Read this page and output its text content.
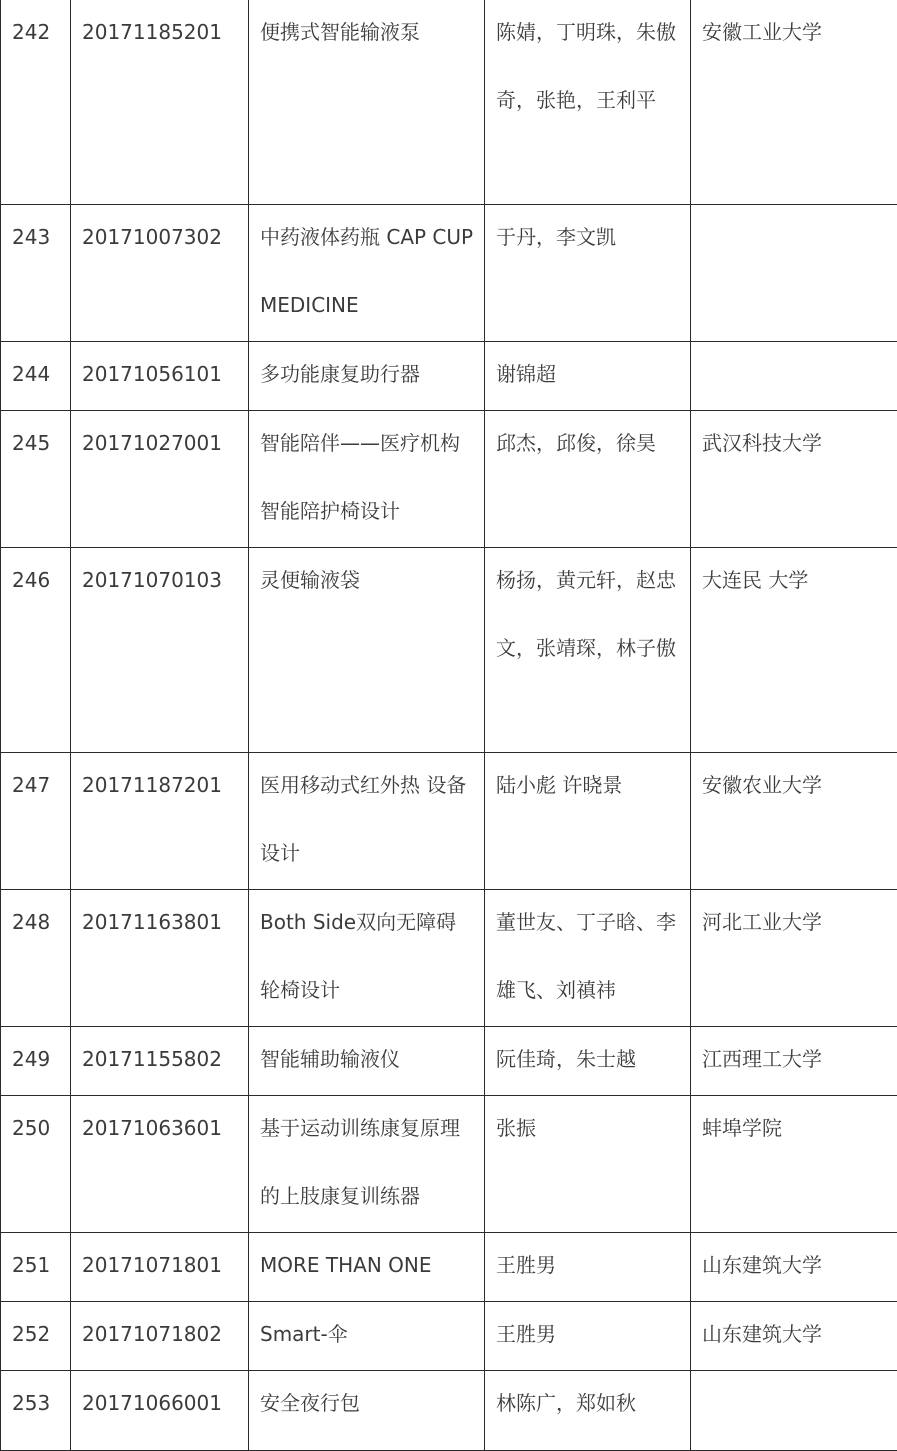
242	20171185201	便携式智能输液泵	陈婧，丁明珠，朱傲奇，张艳，王利平	安徽工业大学

243	20171007302	中药液体药瓶 CAP CUP MEDICINE	于丹，李文凯	

244	20171056101	多功能康复助行器	谢锦超	

245	20171027001	智能陪伴——医疗机构智能陪护椅设计	邱杰，邱俊，徐昊	武汉科技大学

246	20171070103	灵便输液袋	杨扬，黄元轩，赵忠文，张靖琛，林子傲	大连民 大学

247	20171187201	医用移动式红外热 设备设计	陆小彪 许晓景	安徽农业大学

248	20171163801	Both Side双向无障碍轮椅设计	董世友、丁子晗、李雄飞、刘禛祎	河北工业大学

249	20171155802	智能辅助输液仪	阮佳琦，朱士越	江西理工大学

250	20171063601	基于运动训练康复原理的上肢康复训练器	张振	蚌埠学院

251	20171071801	MORE THAN ONE	王胜男	山东建筑大学

252	20171071802	Smart-伞	王胜男	山东建筑大学

253	20171066001	安全夜行包	林陈广，郑如秋	
